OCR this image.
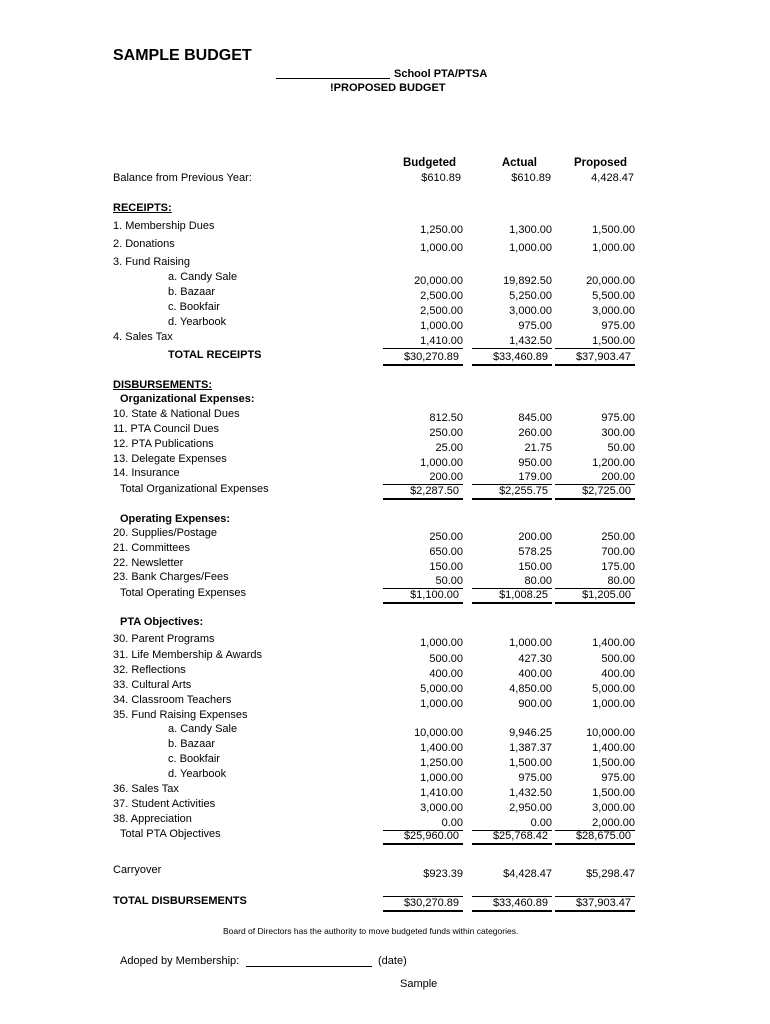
SAMPLE BUDGET
School PTA/PTSA
!PROPOSED BUDGET
Budgeted	Actual	Proposed
Balance from Previous Year:	$610.89	$610.89	4,428.47
RECEIPTS:
DISBURSEMENTS:
1. Membership Dues	1,250.00	1,300.00	1,500.00
2. Donations	1,000.00	1,000.00	1,000.00
3. Fund Raising
a. Candy Sale	20,000.00	19,892.50	20,000.00
b. Bazaar	2,500.00	5,250.00	5,500.00
c. Bookfair	2,500.00	3,000.00	3,000.00
d. Yearbook	1,000.00	975.00	975.00
4. Sales Tax	1,410.00	1,432.50	1,500.00
TOTAL RECEIPTS	$30,270.89	$33,460.89	$37,903.47
Organizational Expenses:
10. State & National Dues	812.50	845.00	975.00
11. PTA Council Dues	250.00	260.00	300.00
12. PTA Publications	25.00	21.75	50.00
13. Delegate Expenses	1,000.00	950.00	1,200.00
14. Insurance	200.00	179.00	200.00
Total Organizational Expenses	$2,287.50	$2,255.75	$2,725.00
Operating Expenses:
20. Supplies/Postage	250.00	200.00	250.00
21. Committees	650.00	578.25	700.00
22. Newsletter	150.00	150.00	175.00
23. Bank Charges/Fees	50.00	80.00	80.00
Total Operating Expenses	$1,100.00	$1,008.25	$1,205.00
PTA Objectives:
30. Parent Programs	1,000.00	1,000.00	1,400.00
31. Life Membership & Awards	500.00	427.30	500.00
32. Reflections	400.00	400.00	400.00
33. Cultural Arts	5,000.00	4,850.00	5,000.00
34. Classroom Teachers	1,000.00	900.00	1,000.00
35. Fund Raising Expenses
a. Candy Sale	10,000.00	9,946.25	10,000.00
b. Bazaar	1,400.00	1,387.37	1,400.00
c. Bookfair	1,250.00	1,500.00	1,500.00
d. Yearbook	1,000.00	975.00	975.00
36. Sales Tax	1,410.00	1,432.50	1,500.00
37. Student Activities	3,000.00	2,950.00	3,000.00
38. Appreciation	0.00	0.00	2,000.00
Total PTA Objectives	$25,960.00	$25,768.42	$28,675.00
Carryover	$923.39	$4,428.47	$5,298.47
TOTAL DISBURSEMENTS	$30,270.89	$33,460.89	$37,903.47
Board of Directors has the authority to move budgeted funds within categories.
Adoped by Membership:	(date)
Sample
